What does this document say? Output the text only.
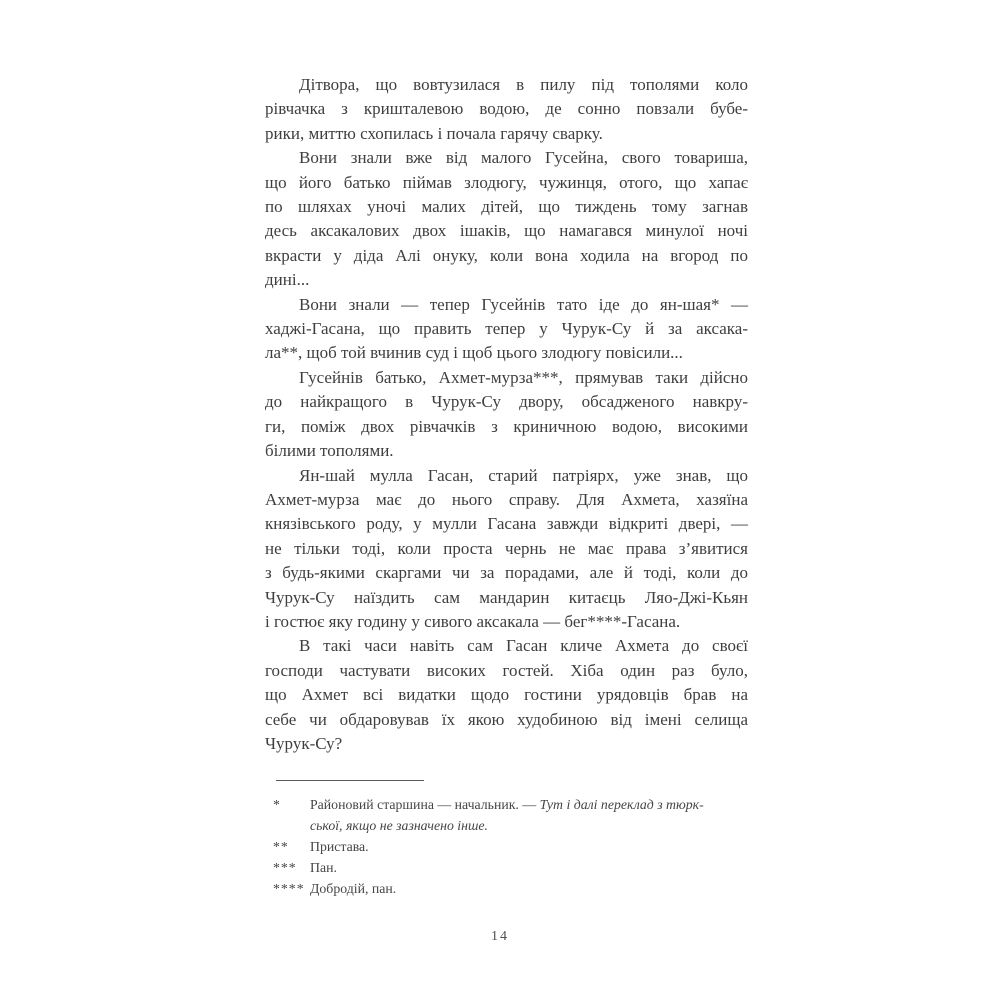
Дітвора, що вовтузилася в пилу під тополями коло
рівчачка з кришталевою водою, де сонно повзали бубе-
рики, миттю схопилась і почала гарячу сварку.
Вони знали вже від малого Гусейна, свого товариша,
що його батько піймав злодюгу, чужинця, отого, що хапає
по шляхах уночі малих дітей, що тиждень тому загнав
десь аксакалових двох ішаків, що намагався минулої ночі
вкрасти у діда Алі онуку, коли вона ходила на вгород по
дині...
Вони знали — тепер Гусейнів тато іде до ян-шая* —
хаджі-Гасана, що править тепер у Чурук-Су й за аксака-
ла**, щоб той вчинив суд і щоб цього злодюгу повісили...
Гусейнів батько, Ахмет-мурза***, прямував таки дійсно
до найкращого в Чурук-Су двору, обсадженого навкру-
ги, поміж двох рівчачків з криничною водою, високими
білими тополями.
Ян-шай мулла Гасан, старий патріярх, уже знав, що
Ахмет-мурза має до нього справу. Для Ахмета, хазяїна
князівського роду, у мулли Гасана завжди відкриті двері, —
не тільки тоді, коли проста чернь не має права з’явитися
з будь-якими скаргами чи за порадами, але й тоді, коли до
Чурук-Су наїздить сам мандарин китаєць Ляо-Джі-Кьян
і гостює яку годину у сивого аксакала — бег****-Гасана.
В такі часи навіть сам Гасан кличе Ахмета до своєї
господи частувати високих гостей. Хіба один раз було,
що Ахмет всі видатки щодо гостини урядовців брав на
себе чи обдаровував їх якою худобиною від імені селища
Чурук-Су?
*	Районовий старшина — начальник. — Тут і далі переклад з тюрк-
ської, якщо не зазначено інше.
**	Пристава.
*** Пан.
**** Добродій, пан.
14
